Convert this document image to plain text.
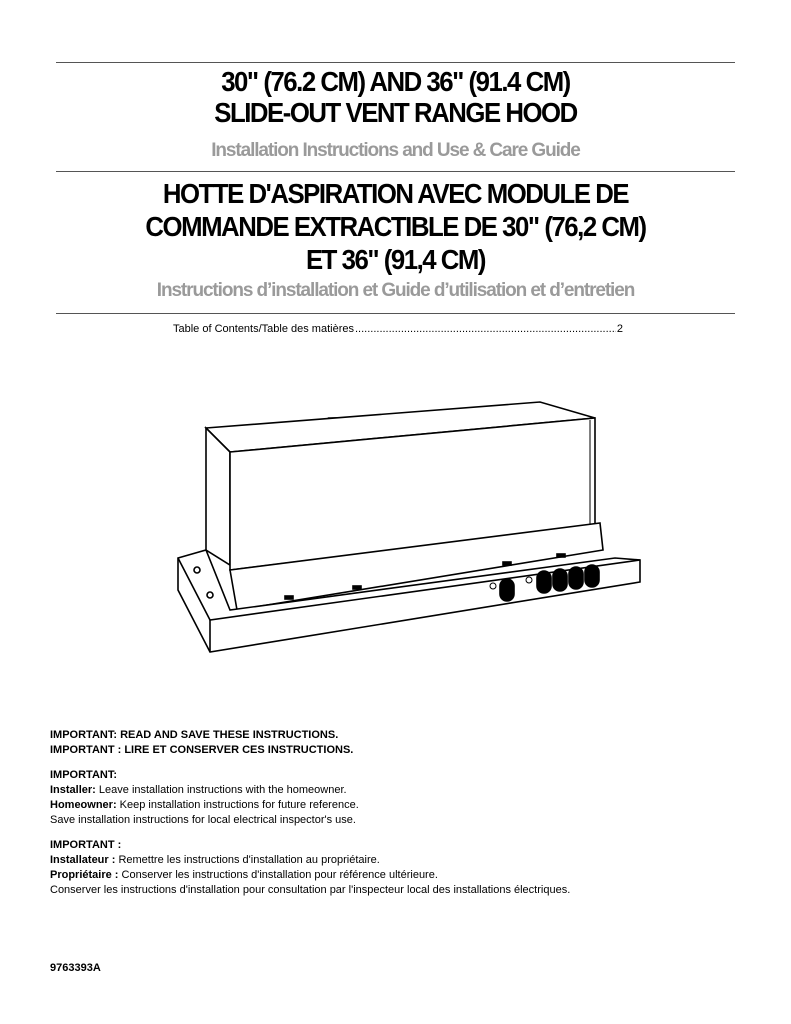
30" (76.2 CM) AND 36" (91.4 CM)
SLIDE-OUT VENT RANGE HOOD
Installation Instructions and Use & Care Guide
HOTTE D'ASPIRATION AVEC MODULE DE
COMMANDE EXTRACTIBLE DE 30" (76,2 CM)
ET 36" (91,4 CM)
Instructions d’installation et Guide d’utilisation et d’entretien
Table of Contents/Table des matières .....	2

IMPORTANT: READ AND SAVE THESE INSTRUCTIONS.

IMPORTANT : LIRE ET CONSERVER CES INSTRUCTIONS.

IMPORTANT:

Installer: Leave installation instructions with the homeowner.

Homeowner: Keep installation instructions for future reference.

Save installation instructions for local electrical inspector's use.

IMPORTANT :

Installateur : Remettre les instructions d'installation au propriétaire.

Propriétaire : Conserver les instructions d'installation pour référence ultérieure.

Conserver les instructions d'installation pour consultation par l'inspecteur local des installations électriques.

9763393A
